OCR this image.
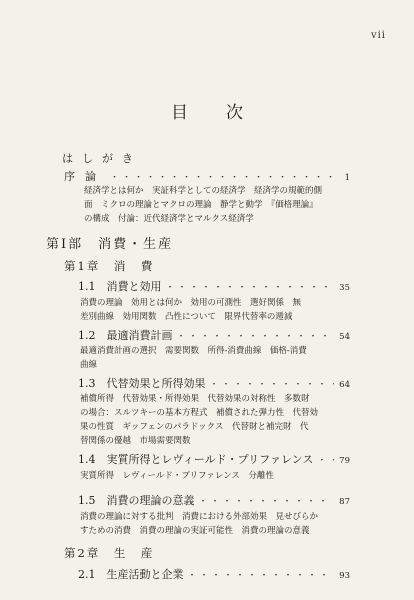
vii
目次
はしがき
序論 ・・・・・・・・・・・・・・・・・・・・・・・・・・・・・・・・・・・・・・・・・・・・・・・・・・	1
経済学とは何か　実証科学としての経済学　経済学の規範的側
面　ミクロの理論とマクロの理論　静学と動学　『価格理論』
の構成　付論：近代経済学とマルクス経済学
第Ⅰ部　消費・生産
第1章　消　費
1.1　消費と効用 ・・・・・・・・・・・・・・・・・・・・・・・・・・・・・・・・・・・・・・・・・・・・・・・・・・	35
消費の理論　効用とは何か　効用の可測性　選好関係　無
差別曲線　効用関数　凸性について　限界代替率の逓減
1.2　最適消費計画 ・・・・・・・・・・・・・・・・・・・・・・・・・・・・・・・・・・・・・・・・・・・・・・・・・・	54
最適消費計画の選択　需要関数　所得-消費曲線　価格-消費
曲線
1.3　代替効果と所得効果 ・・・・・・・・・・・・・・・・・・・・・・・・・・・・・・・・・・・・・・・・・・・・・・・・・・	64
補償所得　代替効果・所得効果　代替効果の対称性　多数財
の場合：スルツキーの基本方程式　補償された弾力性　代替効
果の性質　ギッフェンのパラドックス　代替財と補完財　代
替関係の優越　市場需要関数
1.4　実質所得とレヴィールド・プリファレンス ・・・・・・・・・・・・・・・・・・・・・・・・・・・・・・・・・・・・・・・・・・・・・・・・・・	79
実質所得　レヴィールド・プリファレンス　分離性
1.5　消費の理論の意義 ・・・・・・・・・・・・・・・・・・・・・・・・・・・・・・・・・・・・・・・・・・・・・・・・・・	87
消費の理論に対する批判　消費における外部効果　見せびらか
すための消費　消費の理論の実証可能性　消費の理論の意義
第2章　生　産
2.1　生産活動と企業 ・・・・・・・・・・・・・・・・・・・・・・・・・・・・・・・・・・・・・・・・・・・・・・・・・・	93
